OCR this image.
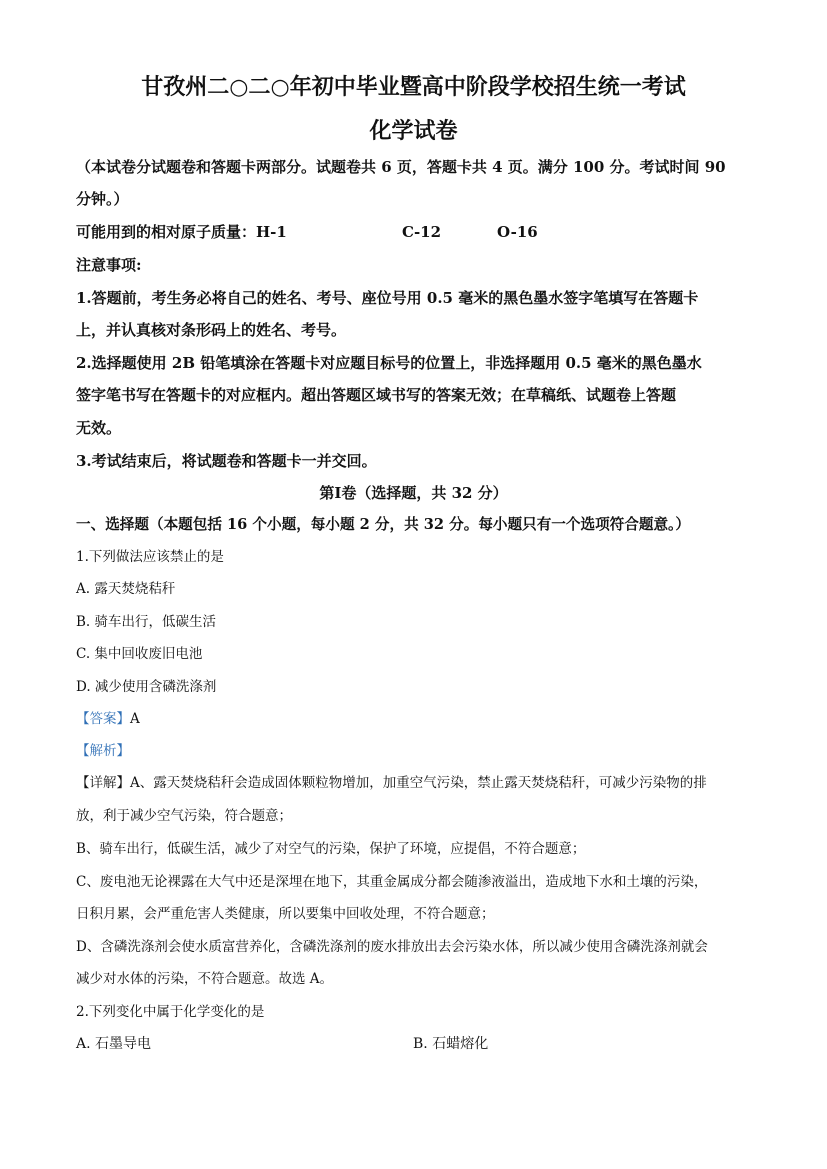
甘孜州二○二○年初中毕业暨高中阶段学校招生统一考试
化学试卷
（本试卷分试题卷和答题卡两部分。试题卷共 6 页，答题卡共 4 页。满分 100 分。考试时间 90
分钟。）
可能用到的相对原子质量：H-1	C-12	O-16
注意事项:
1.答题前，考生务必将自己的姓名、考号、座位号用 0.5 毫米的黑色墨水签字笔填写在答题卡
上，并认真核对条形码上的姓名、考号。
2.选择题使用 2B 铅笔填涂在答题卡对应题目标号的位置上，非选择题用 0.5 毫米的黑色墨水
签字笔书写在答题卡的对应框内。超出答题区域书写的答案无效；在草稿纸、试题卷上答题
无效。
3.考试结束后，将试题卷和答题卡一并交回。
第Ⅰ卷（选择题，共 32 分）
一、选择题（本题包括 16 个小题，每小题 2 分，共 32 分。每小题只有一个选项符合题意。）
1.下列做法应该禁止的是
A. 露天焚烧秸秆
B. 骑车出行，低碳生活
C. 集中回收废旧电池
D. 减少使用含磷洗涤剂
【答案】A
【解析】
【详解】A、露天焚烧秸秆会造成固体颗粒物增加，加重空气污染，禁止露天焚烧秸秆，可减少污染物的排
放，利于减少空气污染，符合题意；
B、骑车出行，低碳生活，减少了对空气的污染，保护了环境，应提倡，不符合题意；
C、废电池无论裸露在大气中还是深埋在地下，其重金属成分都会随渗液溢出，造成地下水和土壤的污染，
日积月累，会严重危害人类健康，所以要集中回收处理，不符合题意；
D、含磷洗涤剂会使水质富营养化，含磷洗涤剂的废水排放出去会污染水体，所以减少使用含磷洗涤剂就会
减少对水体的污染，不符合题意。故选 A。
2.下列变化中属于化学变化的是
A. 石墨导电	B. 石蜡熔化
